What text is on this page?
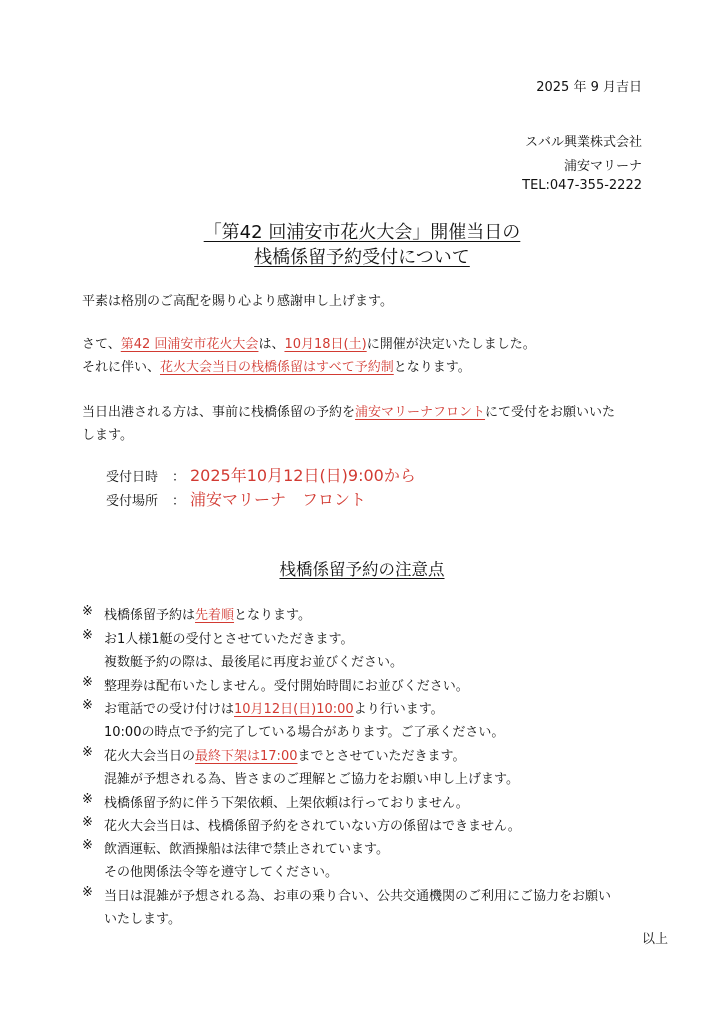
2025 年 9 月吉日
スバル興業株式会社
浦安マリーナ
TEL:047-355-2222
「第42 回浦安市花火大会」開催当日の
栈橋係留予約受付について
平素は格別のご高配を賜り心より感謝申し上げます。
さて、第42 回浦安市花火大会は、10月18日(土)に開催が決定いたしました。
それに伴い、花火大会当日の栈橋係留はすべて予約制となります。
当日出港される方は、事前に栈橋係留の予約を浦安マリーナフロントにて受付をお願いいた
します。
受付日時 ： 2025年10月12日(日)9:00から
受付場所 ： 浦安マリーナ　フロント
栈橋係留予約の注意点
※ 栈橋係留予約は先着順となります。
※ お1人様1艇の受付とさせていただきます。
複数艇予約の際は、最後尾に再度お並びください。
※ 整理券は配布いたしません。受付開始時間にお並びください。
※ お電話での受け付けは10月12日(日)10:00より行います。
10:00の時点で予約完了している場合があります。ご了承ください。
※ 花火大会当日の最終下架は17:00までとさせていただきます。
混雑が予想される為、皆さまのご理解とご協力をお願い申し上げます。
※ 栈橋係留予約に伴う下架依頼、上架依頼は行っておりません。
※ 花火大会当日は、栈橋係留予約をされていない方の係留はできません。
※ 飲酒運転、飲酒操船は法律で禁止されています。
その他関係法令等を遵守してください。
※ 当日は混雑が予想される為、お車の乗り合い、公共交通機関のご利用にご協力をお願い
いたします。
以上
